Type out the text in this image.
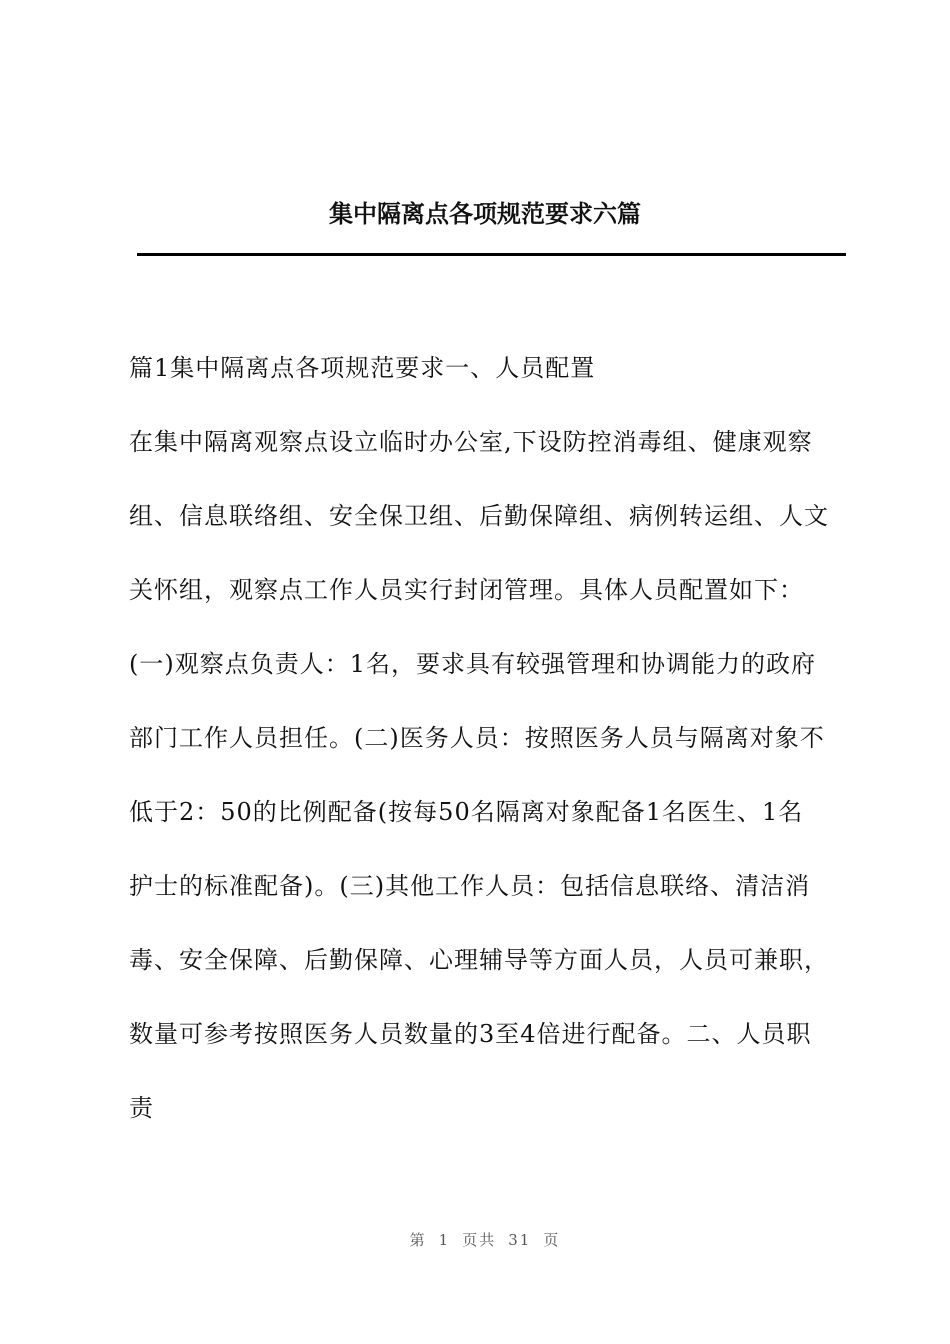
集中隔离点各项规范要求六篇
篇1集中隔离点各项规范要求一、人员配置
在集中隔离观察点设立临时办公室,下设防控消毒组、健康观察
组、信息联络组、安全保卫组、后勤保障组、病例转运组、人文
关怀组，观察点工作人员实行封闭管理。具体人员配置如下：
(一)观察点负责人：1名，要求具有较强管理和协调能力的政府
部门工作人员担任。(二)医务人员：按照医务人员与隔离对象不
低于2：50的比例配备(按每50名隔离对象配备1名医生、1名
护士的标准配备)。(三)其他工作人员：包括信息联络、清洁消
毒、安全保障、后勤保障、心理辅导等方面人员，人员可兼职，
数量可参考按照医务人员数量的3至4倍进行配备。二、人员职
责
第 1 页共 31 页
